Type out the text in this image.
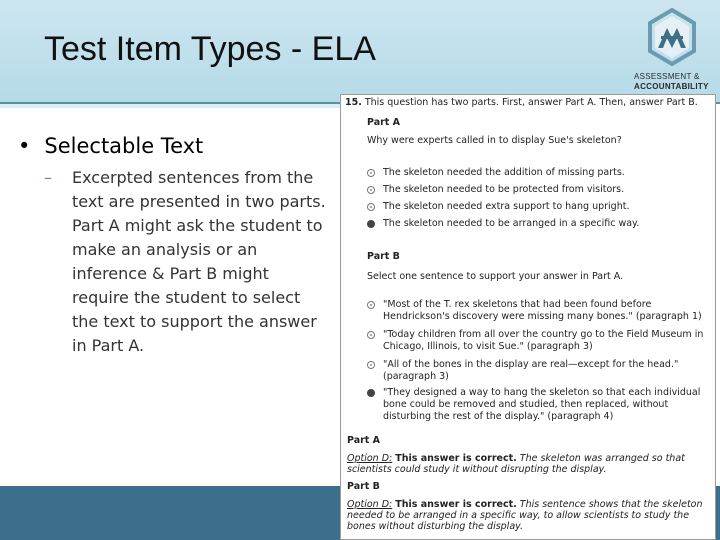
Test Item Types - ELA
ASSESSMENT &
ACCOUNTABILITY
• Selectable Text
–	Excerpted sentences from the text are presented in two parts. Part A might ask the student to make an analysis or an inference & Part B might require the student to select the text to support the answer in Part A.
15. This question has two parts. First, answer Part A. Then, answer Part B.
Part A
Why were experts called in to display Sue's skeleton?
The skeleton needed the addition of missing parts.
The skeleton needed to be protected from visitors.
The skeleton needed extra support to hang upright.
The skeleton needed to be arranged in a specific way.
Part B
Select one sentence to support your answer in Part A.
"Most of the T. rex skeletons that had been found before
Hendrickson's discovery were missing many bones." (paragraph 1)
"Today children from all over the country go to the Field Museum in
Chicago, Illinois, to visit Sue." (paragraph 3)
"All of the bones in the display are real—except for the head."
(paragraph 3)
"They designed a way to hang the skeleton so that each individual
bone could be removed and studied, then replaced, without
disturbing the rest of the display." (paragraph 4)
Part A
Option D: This answer is correct. The skeleton was arranged so that
scientists could study it without disrupting the display.
Part B
Option D: This answer is correct. This sentence shows that the skeleton
needed to be arranged in a specific way, to allow scientists to study the
bones without disturbing the display.
